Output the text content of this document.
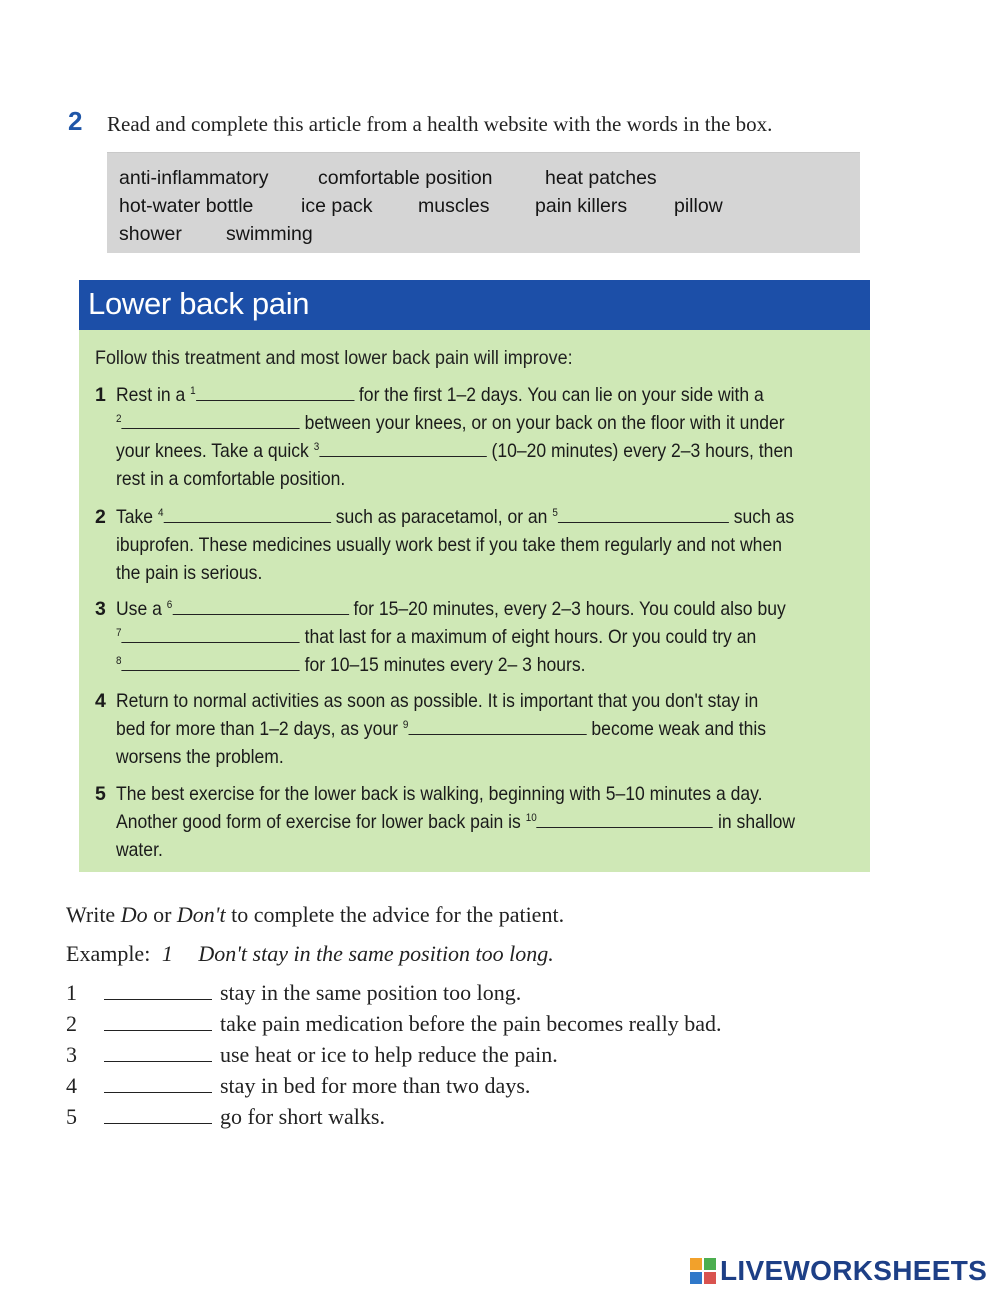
2 Read and complete this article from a health website with the words in the box.
anti-inflammatory	comfortable position	heat patches
hot-water bottle ice pack muscles pain killers pillow
shower swimming
Lower back pain
Follow this treatment and most lower back pain will improve:
1 Rest in a $^1$	for the first 1–2 days. You can lie on your side with a
$^2$	between your knees, or on your back on the floor with it under
your knees. Take a quick $^3$	(10–20 minutes) every 2–3 hours, then
rest in a comfortable position.
2 Take $^4$	such as paracetamol, or an $^5$	such as
ibuprofen. These medicines usually work best if you take them regularly and not when
the pain is serious.
3 Use a $^6$	for 15–20 minutes, every 2–3 hours. You could also buy
$^7$	that last for a maximum of eight hours. Or you could try an
$^8$	for 10–15 minutes every 2– 3 hours.
4 Return to normal activities as soon as possible. It is important that you don't stay in
bed for more than 1–2 days, as your $^9$	become weak and this
worsens the problem.
5 The best exercise for the lower back is walking, beginning with 5–10 minutes a day.
Another good form of exercise for lower back pain is $^{10}$	in shallow
water.
Write Do or Don't to complete the advice for the patient.
Example: 1 Don't stay in the same position too long.
1	stay in the same position too long.
2	take pain medication before the pain becomes really bad.
3	use heat or ice to help reduce the pain.
4	stay in bed for more than two days.
5	go for short walks.
LIVEWORKSHEETS
